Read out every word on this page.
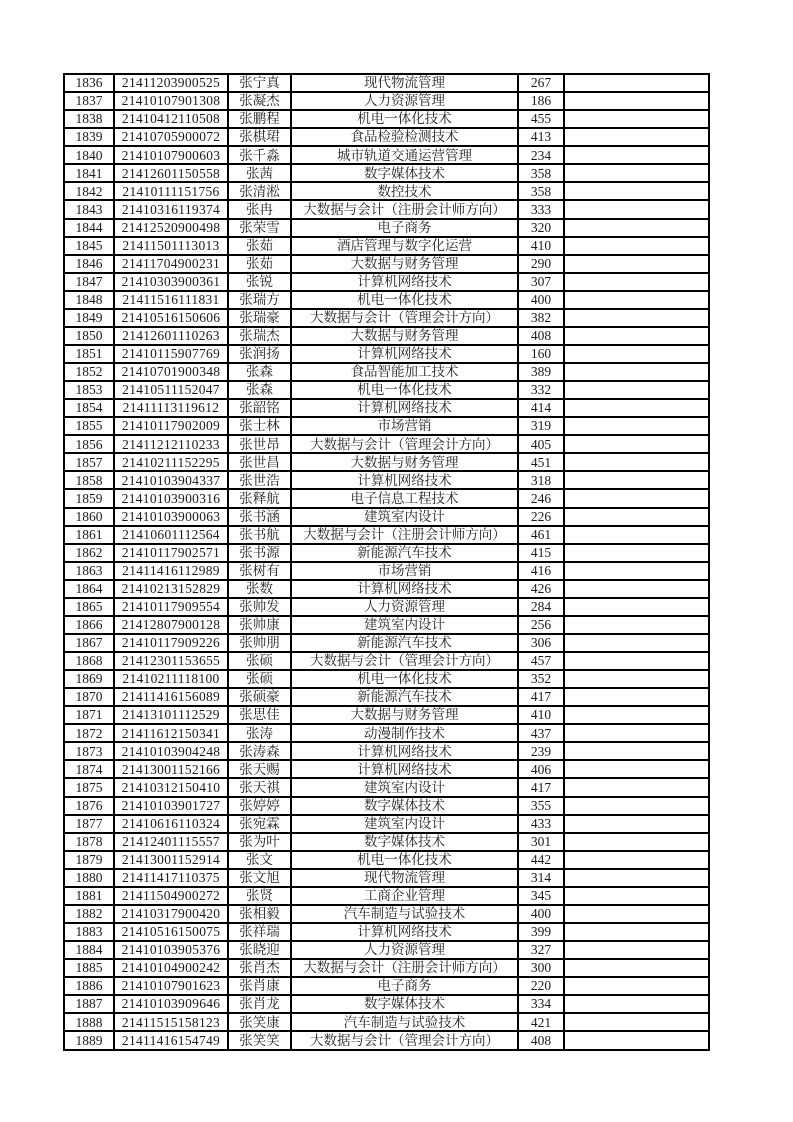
1836	21411203900525	张宁真	现代物流管理	267	
1837	21410107901308	张凝杰	人力资源管理	186	
1838	21410412110508	张鹏程	机电一体化技术	455	
1839	21410705900072	张棋珺	食品检验检测技术	413	
1840	21410107900603	张千淼	城市轨道交通运营管理	234	
1841	21412601150558	张茜	数字媒体技术	358	
1842	21410111151756	张清淞	数控技术	358	
1843	21410316119374	张冉	大数据与会计（注册会计师方向）	333	
1844	21412520900498	张荣雪	电子商务	320	
1845	21411501113013	张茹	酒店管理与数字化运营	410	
1846	21411704900231	张茹	大数据与财务管理	290	
1847	21410303900361	张锐	计算机网络技术	307	
1848	21411516111831	张瑞方	机电一体化技术	400	
1849	21410516150606	张瑞豪	大数据与会计（管理会计方向）	382	
1850	21412601110263	张瑞杰	大数据与财务管理	408	
1851	21410115907769	张润扬	计算机网络技术	160	
1852	21410701900348	张森	食品智能加工技术	389	
1853	21410511152047	张森	机电一体化技术	332	
1854	21411113119612	张韶铭	计算机网络技术	414	
1855	21410117902009	张士林	市场营销	319	
1856	21411212110233	张世昂	大数据与会计（管理会计方向）	405	
1857	21410211152295	张世昌	大数据与财务管理	451	
1858	21410103904337	张世浩	计算机网络技术	318	
1859	21410103900316	张释航	电子信息工程技术	246	
1860	21410103900063	张书涵	建筑室内设计	226	
1861	21410601112564	张书航	大数据与会计（注册会计师方向）	461	
1862	21410117902571	张书源	新能源汽车技术	415	
1863	21411416112989	张树有	市场营销	416	
1864	21410213152829	张数	计算机网络技术	426	
1865	21410117909554	张帅发	人力资源管理	284	
1866	21412807900128	张帅康	建筑室内设计	256	
1867	21410117909226	张帅朋	新能源汽车技术	306	
1868	21412301153655	张硕	大数据与会计（管理会计方向）	457	
1869	21410211118100	张硕	机电一体化技术	352	
1870	21411416156089	张硕豪	新能源汽车技术	417	
1871	21413101112529	张思佳	大数据与财务管理	410	
1872	21411612150341	张涛	动漫制作技术	437	
1873	21410103904248	张涛森	计算机网络技术	239	
1874	21413001152166	张天赐	计算机网络技术	406	
1875	21410312150410	张天祺	建筑室内设计	417	
1876	21410103901727	张婷婷	数字媒体技术	355	
1877	21410616110324	张宛霖	建筑室内设计	433	
1878	21412401115557	张为叶	数字媒体技术	301	
1879	21413001152914	张文	机电一体化技术	442	
1880	21411417110375	张文旭	现代物流管理	314	
1881	21411504900272	张贤	工商企业管理	345	
1882	21410317900420	张相毅	汽车制造与试验技术	400	
1883	21410516150075	张祥瑞	计算机网络技术	399	
1884	21410103905376	张晓迎	人力资源管理	327	
1885	21410104900242	张肖杰	大数据与会计（注册会计师方向）	300	
1886	21410107901623	张肖康	电子商务	220	
1887	21410103909646	张肖龙	数字媒体技术	334	
1888	21411515158123	张笑康	汽车制造与试验技术	421	
1889	21411416154749	张笑笑	大数据与会计（管理会计方向）	408	
